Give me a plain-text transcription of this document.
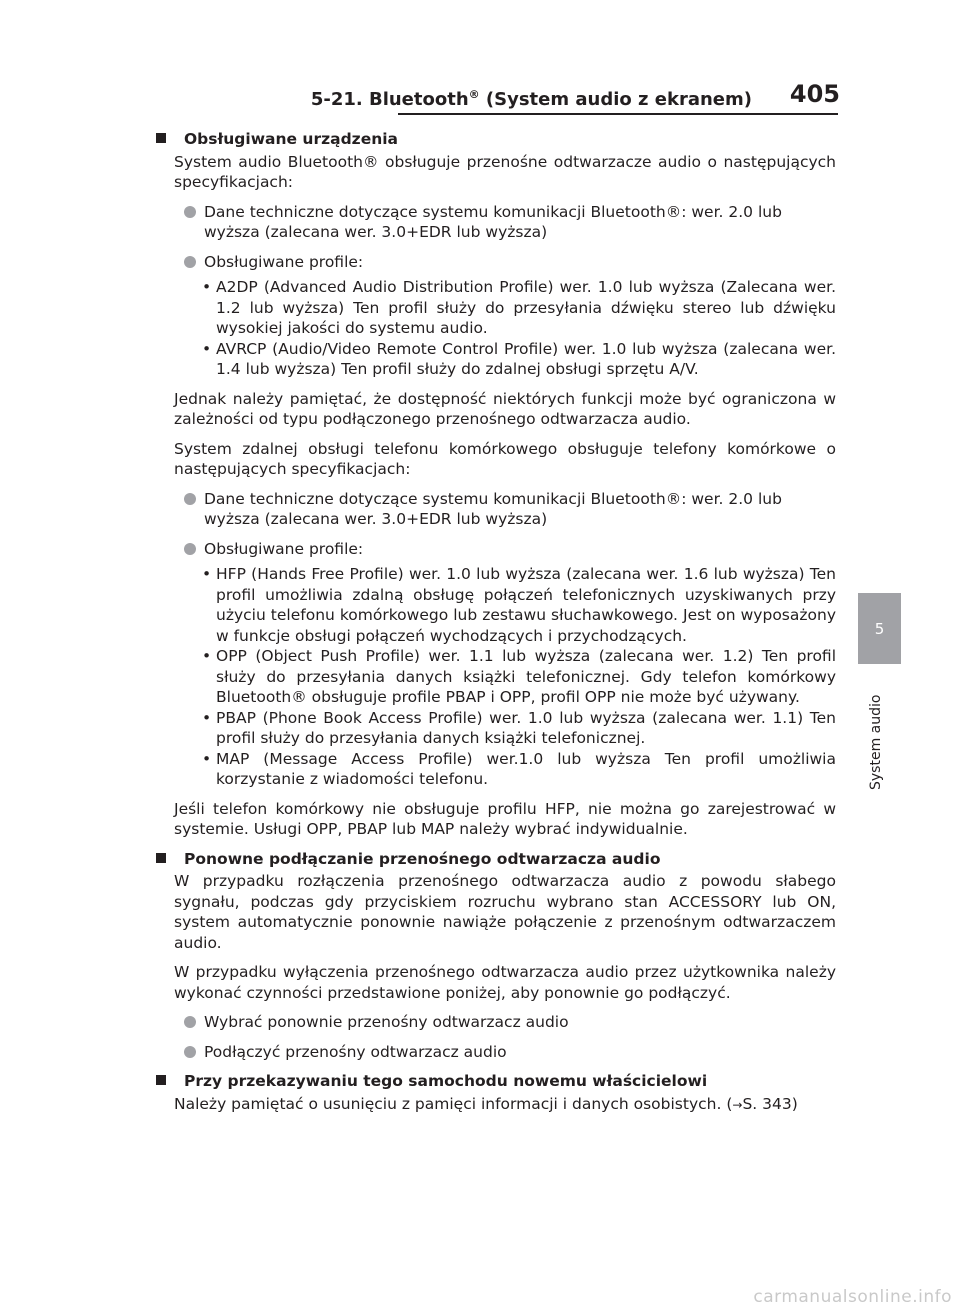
5-21. Bluetooth® (System audio z ekranem) 405
5
System audio
Obsługiwane urządzenia

System audio Bluetooth® obsługuje przenośne odtwarzacze audio o następujących specyfikacjach:

Dane techniczne dotyczące systemu komunikacji Bluetooth®: wer. 2.0 lub wyższa (zalecana wer. 3.0+EDR lub wyższa)
Obsługiwane profile:
• A2DP (Advanced Audio Distribution Profile) wer. 1.0 lub wyższa (Zalecana wer. 1.2 lub wyższa) Ten profil służy do przesyłania dźwięku stereo lub dźwięku wysokiej jakości do systemu audio.
• AVRCP (Audio/Video Remote Control Profile) wer. 1.0 lub wyższa (zalecana wer. 1.4 lub wyższa) Ten profil służy do zdalnej obsługi sprzętu A/V.

Jednak należy pamiętać, że dostępność niektórych funkcji może być ograniczona w zależności od typu podłączonego przenośnego odtwarzacza audio.

System zdalnej obsługi telefonu komórkowego obsługuje telefony komórkowe o następujących specyfikacjach:

Dane techniczne dotyczące systemu komunikacji Bluetooth®: wer. 2.0 lub wyższa (zalecana wer. 3.0+EDR lub wyższa)
Obsługiwane profile:
• HFP (Hands Free Profile) wer. 1.0 lub wyższa (zalecana wer. 1.6 lub wyższa) Ten profil umożliwia zdalną obsługę połączeń telefonicznych uzyskiwanych przy użyciu telefonu komórkowego lub zestawu słuchawkowego. Jest on wyposażony w funkcje obsługi połączeń wychodzących i przychodzących.
• OPP (Object Push Profile) wer. 1.1 lub wyższa (zalecana wer. 1.2) Ten profil służy do przesyłania danych książki telefonicznej. Gdy telefon komórkowy Bluetooth® obsługuje profile PBAP i OPP, profil OPP nie może być używany.
• PBAP (Phone Book Access Profile) wer. 1.0 lub wyższa (zalecana wer. 1.1) Ten profil służy do przesyłania danych książki telefonicznej.
• MAP (Message Access Profile) wer.1.0 lub wyższa Ten profil umożliwia korzystanie z wiadomości telefonu.

Jeśli telefon komórkowy nie obsługuje profilu HFP, nie można go zarejestrować w systemie. Usługi OPP, PBAP lub MAP należy wybrać indywidualnie.

Ponowne podłączanie przenośnego odtwarzacza audio

W przypadku rozłączenia przenośnego odtwarzacza audio z powodu słabego sygnału, podczas gdy przyciskiem rozruchu wybrano stan ACCESSORY lub ON, system automatycznie ponownie nawiąże połączenie z przenośnym odtwarzaczem audio.

W przypadku wyłączenia przenośnego odtwarzacza audio przez użytkownika należy wykonać czynności przedstawione poniżej, aby ponownie go podłączyć.

Wybrać ponownie przenośny odtwarzacz audio
Podłączyć przenośny odtwarzacz audio
Przy przekazywaniu tego samochodu nowemu właścicielowi

Należy pamiętać o usunięciu z pamięci informacji i danych osobistych. (→S. 343)

carmanualsonline.info
